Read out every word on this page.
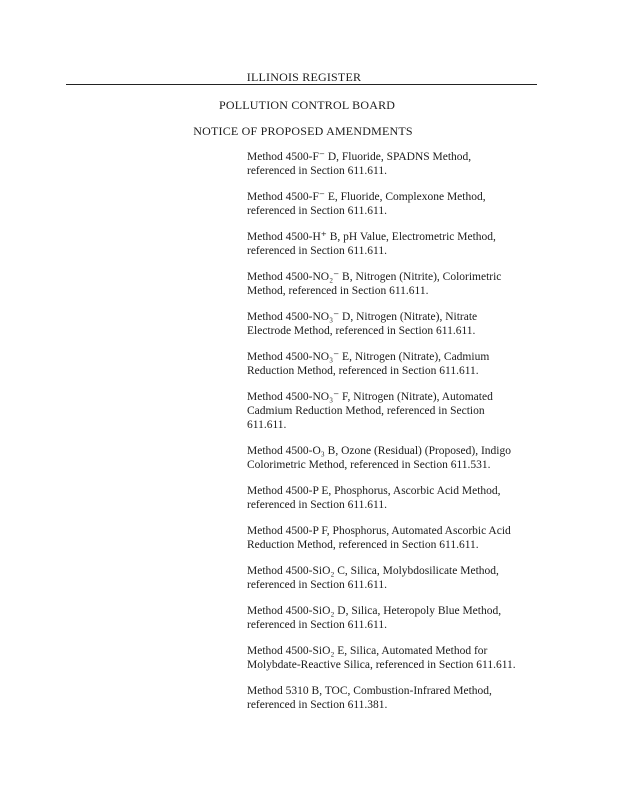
ILLINOIS REGISTER
POLLUTION CONTROL BOARD
NOTICE OF PROPOSED AMENDMENTS
Method 4500-F⁻ D, Fluoride, SPADNS Method,
referenced in Section 611.611.
Method 4500-F⁻ E, Fluoride, Complexone Method,
referenced in Section 611.611.
Method 4500-H⁺ B, pH Value, Electrometric Method,
referenced in Section 611.611.
Method 4500-NO₂⁻ B, Nitrogen (Nitrite), Colorimetric
Method, referenced in Section 611.611.
Method 4500-NO₃⁻ D, Nitrogen (Nitrate), Nitrate
Electrode Method, referenced in Section 611.611.
Method 4500-NO₃⁻ E, Nitrogen (Nitrate), Cadmium
Reduction Method, referenced in Section 611.611.
Method 4500-NO₃⁻ F, Nitrogen (Nitrate), Automated
Cadmium Reduction Method, referenced in Section
611.611.
Method 4500-O₃ B, Ozone (Residual) (Proposed), Indigo
Colorimetric Method, referenced in Section 611.531.
Method 4500-P E, Phosphorus, Ascorbic Acid Method,
referenced in Section 611.611.
Method 4500-P F, Phosphorus, Automated Ascorbic Acid
Reduction Method, referenced in Section 611.611.
Method 4500-SiO₂ C, Silica, Molybdosilicate Method,
referenced in Section 611.611.
Method 4500-SiO₂ D, Silica, Heteropoly Blue Method,
referenced in Section 611.611.
Method 4500-SiO₂ E, Silica, Automated Method for
Molybdate-Reactive Silica, referenced in Section 611.611.
Method 5310 B, TOC, Combustion-Infrared Method,
referenced in Section 611.381.
